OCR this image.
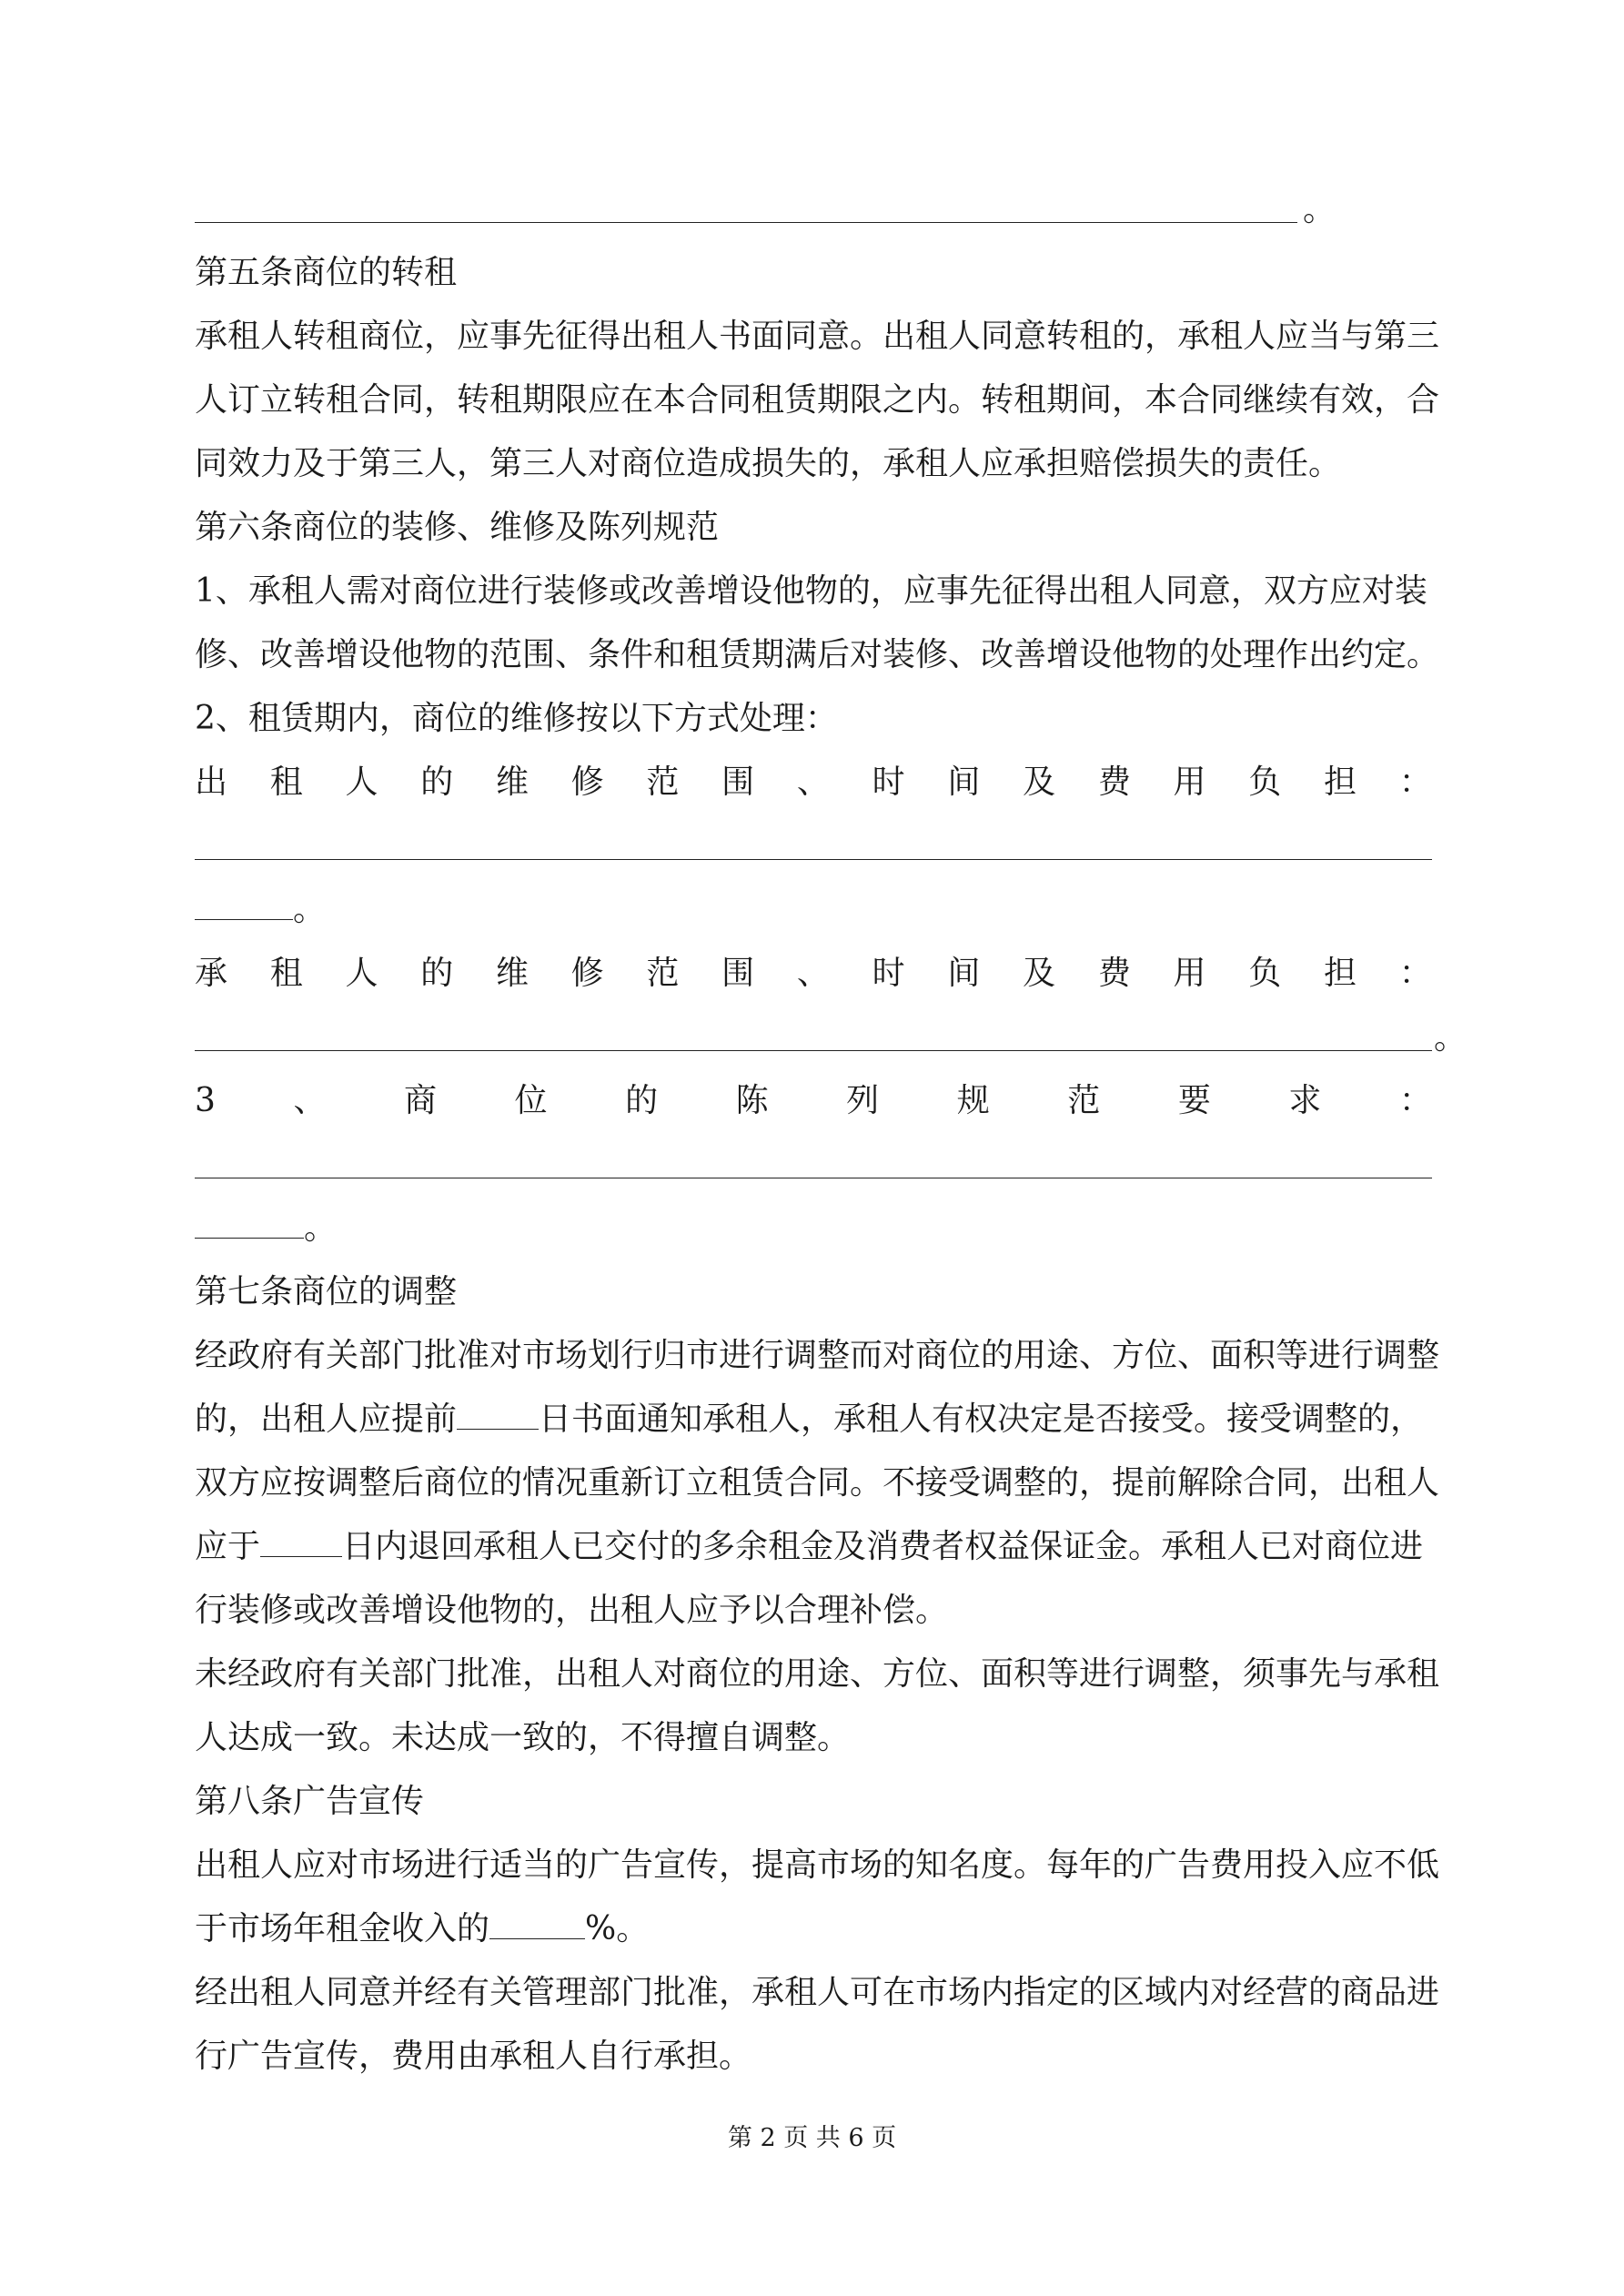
。
第五条商位的转租
承租人转租商位，应事先征得出租人书面同意。出租人同意转租的，承租人应当与第三
人订立转租合同，转租期限应在本合同租赁期限之内。转租期间，本合同继续有效，合
同效力及于第三人，第三人对商位造成损失的，承租人应承担赔偿损失的责任。
第六条商位的装修、维修及陈列规范
1、承租人需对商位进行装修或改善增设他物的，应事先征得出租人同意，双方应对装
修、改善增设他物的范围、条件和租赁期满后对装修、改善增设他物的处理作出约定。
2、租赁期内，商位的维修按以下方式处理：
出 租 人 的 维 修 范 围 、 时 间 及 费 用 负 担 ：
。
承 租 人 的 维 修 范 围 、 时 间 及 费 用 负 担 ：
。
3 、 商 位 的 陈 列 规 范 要 求 ：
。
第七条商位的调整
经政府有关部门批准对市场划行归市进行调整而对商位的用途、方位、面积等进行调整
的，出租人应提前	日书面通知承租人，承租人有权决定是否接受。接受调整的，
双方应按调整后商位的情况重新订立租赁合同。不接受调整的，提前解除合同，出租人
应于	日内退回承租人已交付的多余租金及消费者权益保证金。承租人已对商位进
行装修或改善增设他物的，出租人应予以合理补偿。
未经政府有关部门批准，出租人对商位的用途、方位、面积等进行调整，须事先与承租
人达成一致。未达成一致的，不得擅自调整。
第八条广告宣传
出租人应对市场进行适当的广告宣传，提高市场的知名度。每年的广告费用投入应不低
于市场年租金收入的	%。
经出租人同意并经有关管理部门批准，承租人可在市场内指定的区域内对经营的商品进
行广告宣传，费用由承租人自行承担。
第 2 页 共 6 页
